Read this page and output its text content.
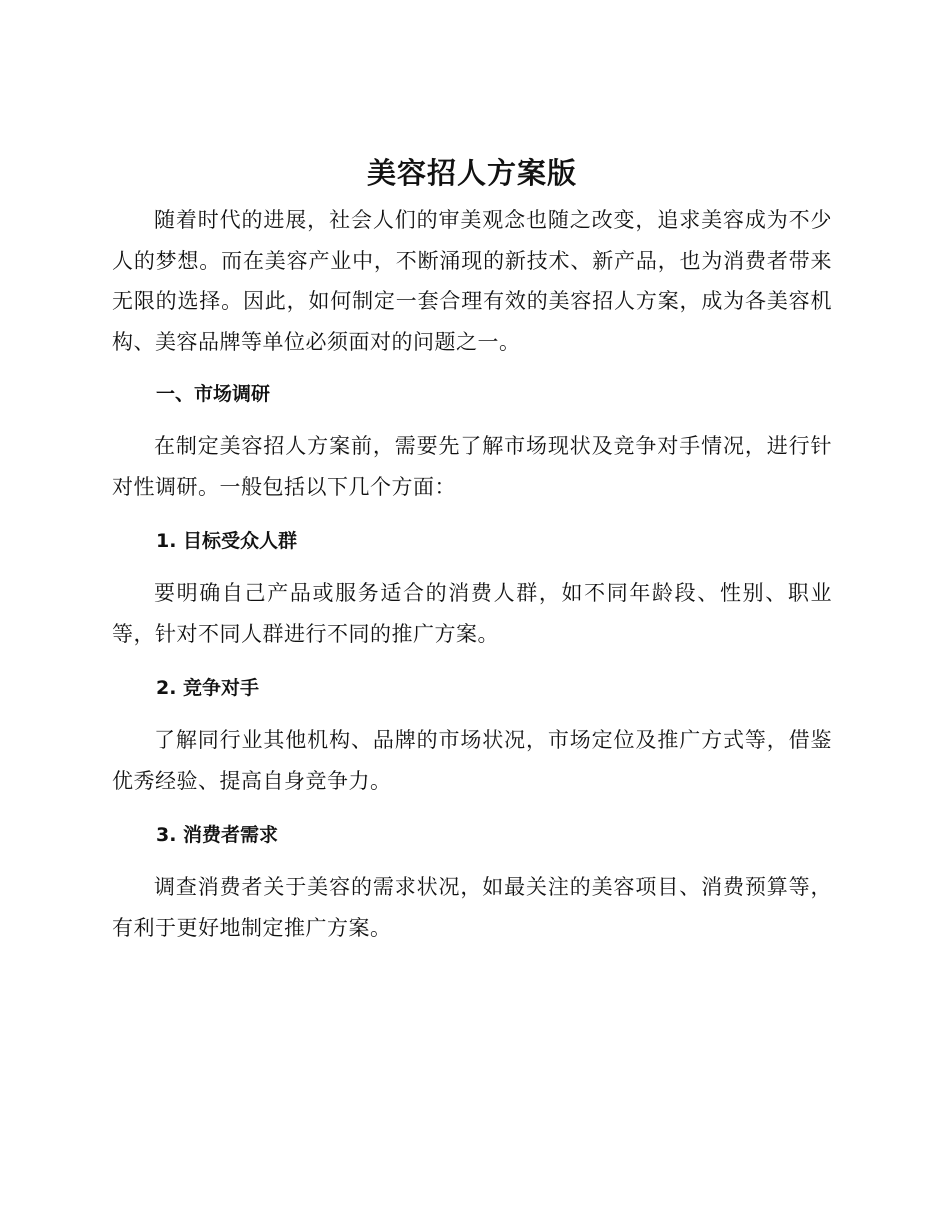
美容招人方案版

随着时代的进展，社会人们的审美观念也随之改变，追求美容成为不少人的梦想。而在美容产业中，不断涌现的新技术、新产品，也为消费者带来无限的选择。因此，如何制定一套合理有效的美容招人方案，成为各美容机构、美容品牌等单位必须面对的问题之一。

一、市场调研

在制定美容招人方案前，需要先了解市场现状及竞争对手情况，进行针对性调研。一般包括以下几个方面：

1. 目标受众人群

要明确自己产品或服务适合的消费人群，如不同年龄段、性别、职业等，针对不同人群进行不同的推广方案。

2. 竞争对手

了解同行业其他机构、品牌的市场状况，市场定位及推广方式等，借鉴优秀经验、提高自身竞争力。

3. 消费者需求

调查消费者关于美容的需求状况，如最关注的美容项目、消费预算等，有利于更好地制定推广方案。
